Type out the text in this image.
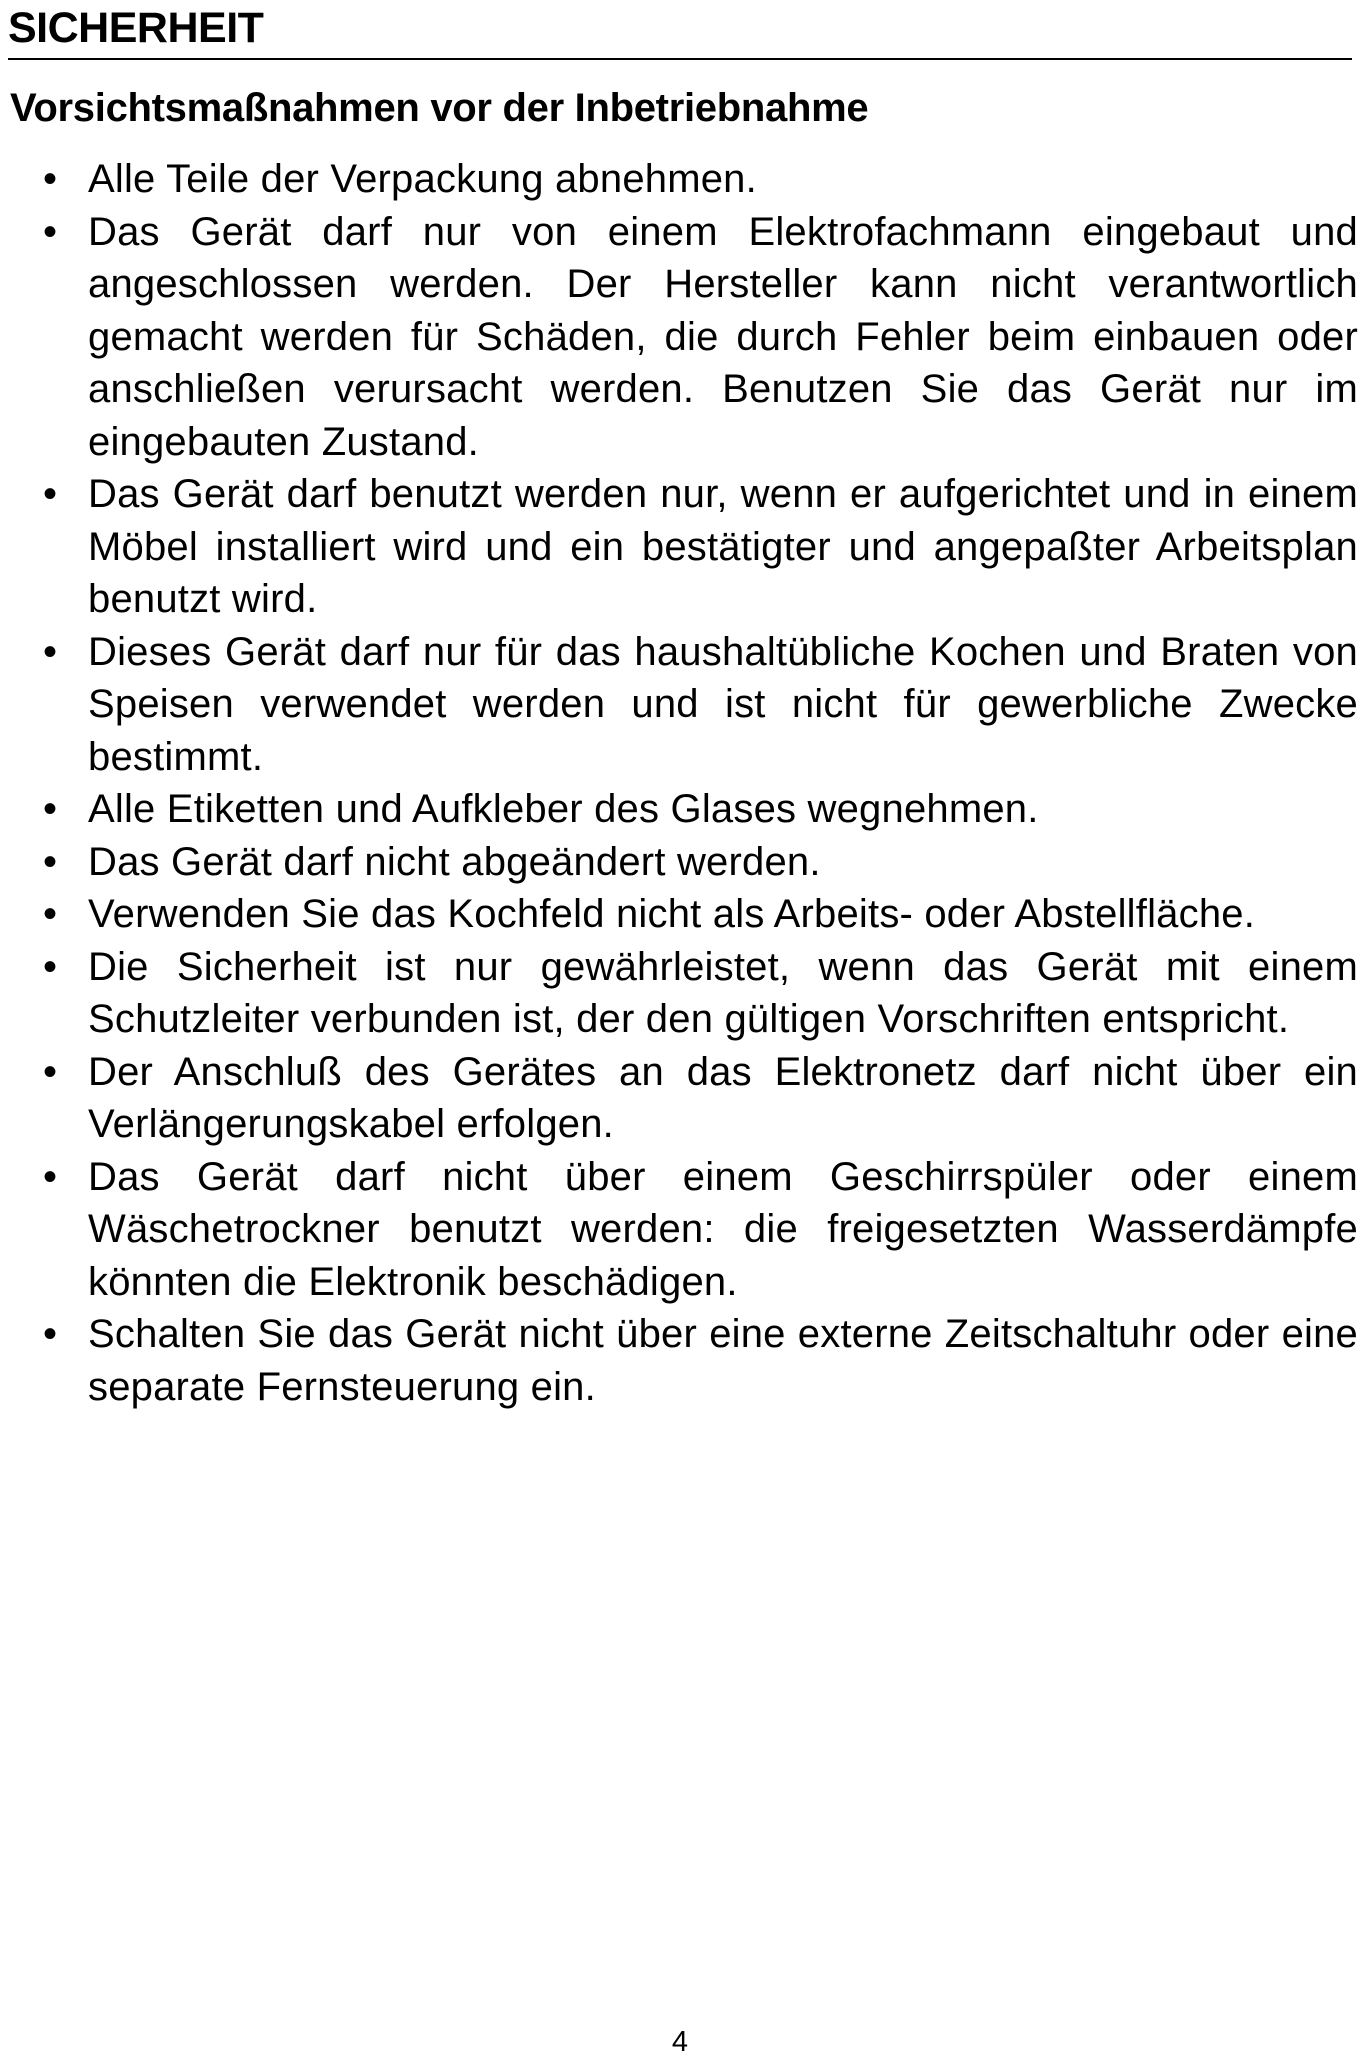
SICHERHEIT
Vorsichtsmaßnahmen vor der Inbetriebnahme
• Alle Teile der Verpackung abnehmen.
• Das Gerät darf nur von einem Elektrofachmann eingebaut und angeschlossen werden. Der Hersteller kann nicht verantwortlich gemacht werden für Schäden, die durch Fehler beim einbauen oder anschließen verursacht werden. Benutzen Sie das Gerät nur im eingebauten Zustand.
• Das Gerät darf benutzt werden nur, wenn er aufgerichtet und in einem Möbel installiert wird und ein bestätigter und angepaßter Arbeitsplan benutzt wird.
• Dieses Gerät darf nur für das haushaltübliche Kochen und Braten von Speisen verwendet werden und ist nicht für gewerbliche Zwecke bestimmt.
• Alle Etiketten und Aufkleber des Glases wegnehmen.
• Das Gerät darf nicht abgeändert werden.
• Verwenden Sie das Kochfeld nicht als Arbeits- oder Abstellfläche.
• Die Sicherheit ist nur gewährleistet, wenn das Gerät mit einem Schutzleiter verbunden ist, der den gültigen Vorschriften entspricht.
• Der Anschluß des Gerätes an das Elektronetz darf nicht über ein Verlängerungskabel erfolgen.
• Das Gerät darf nicht über einem Geschirrspüler oder einem Wäschetrockner benutzt werden: die freigesetzten Wasserdämpfe könnten die Elektronik beschädigen.
• Schalten Sie das Gerät nicht über eine externe Zeitschaltuhr oder eine separate Fernsteuerung ein.

4
